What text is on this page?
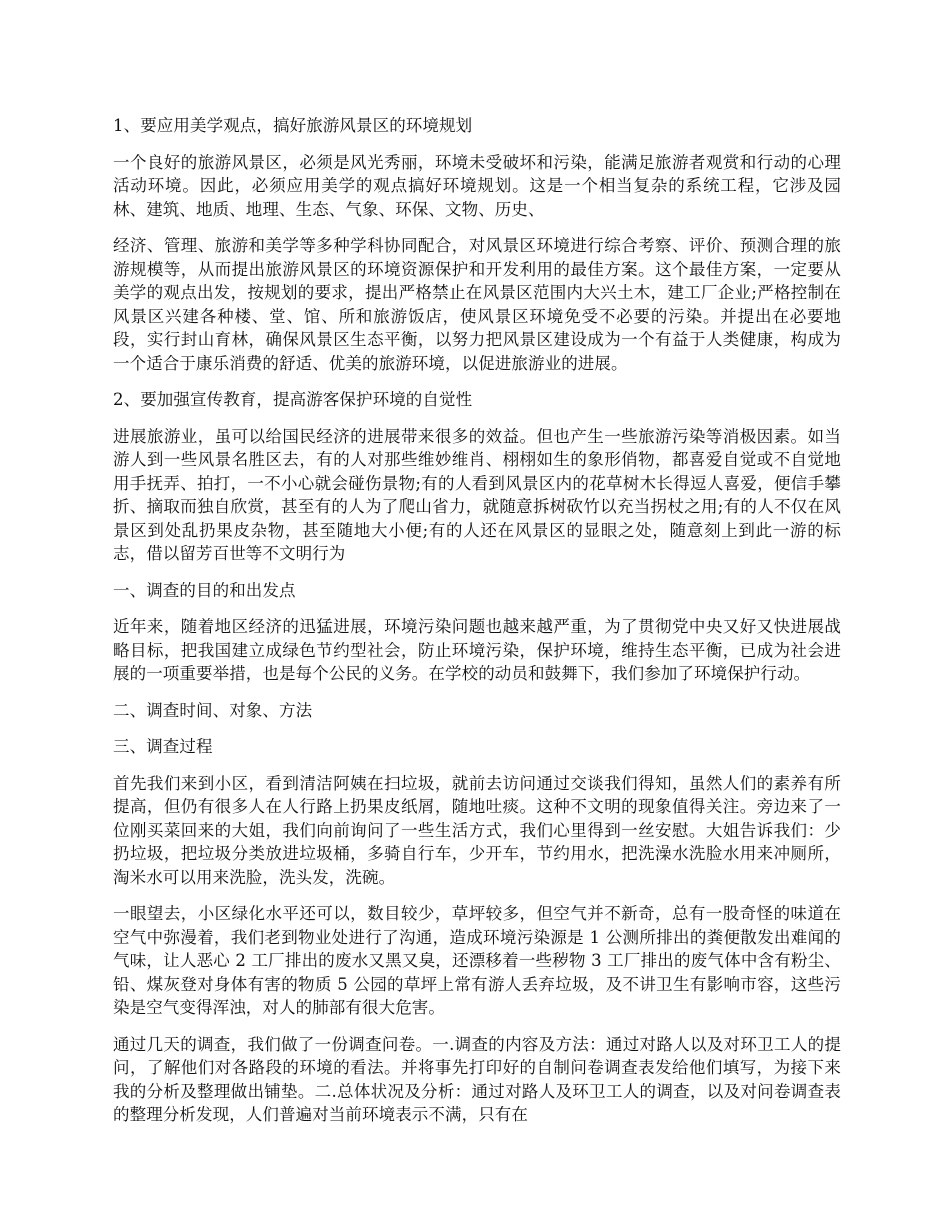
1、要应用美学观点，搞好旅游风景区的环境规划

一个良好的旅游风景区，必须是风光秀丽，环境未受破坏和污染，能满足旅游者观赏和行动的心理活动环境。因此，必须应用美学的观点搞好环境规划。这是一个相当复杂的系统工程，它涉及园林、建筑、地质、地理、生态、气象、环保、文物、历史、

经济、管理、旅游和美学等多种学科协同配合，对风景区环境进行综合考察、评价、预测合理的旅游规模等，从而提出旅游风景区的环境资源保护和开发利用的最佳方案。这个最佳方案，一定要从美学的观点出发，按规划的要求，提出严格禁止在风景区范围内大兴土木，建工厂企业;严格控制在风景区兴建各种楼、堂、馆、所和旅游饭店，使风景区环境免受不必要的污染。并提出在必要地段，实行封山育林，确保风景区生态平衡，以努力把风景区建设成为一个有益于人类健康，构成为一个适合于康乐消费的舒适、优美的旅游环境，以促进旅游业的进展。

2、要加强宣传教育，提高游客保护环境的自觉性

进展旅游业，虽可以给国民经济的进展带来很多的效益。但也产生一些旅游污染等消极因素。如当游人到一些风景名胜区去，有的人对那些维妙维肖、栩栩如生的象形俏物，都喜爱自觉或不自觉地用手抚弄、拍打，一不小心就会碰伤景物;有的人看到风景区内的花草树木长得逗人喜爱，便信手攀折、摘取而独自欣赏，甚至有的人为了爬山省力，就随意拆树砍竹以充当拐杖之用;有的人不仅在风景区到处乱扔果皮杂物，甚至随地大小便;有的人还在风景区的显眼之处，随意刻上到此一游的标志，借以留芳百世等不文明行为

一、调查的目的和出发点

近年来，随着地区经济的迅猛进展，环境污染问题也越来越严重，为了贯彻党中央又好又快进展战略目标，把我国建立成绿色节约型社会，防止环境污染，保护环境，维持生态平衡，已成为社会进展的一项重要举措，也是每个公民的义务。在学校的动员和鼓舞下，我们参加了环境保护行动。

二、调查时间、对象、方法

三、调查过程

首先我们来到小区，看到清洁阿姨在扫垃圾，就前去访问通过交谈我们得知，虽然人们的素养有所提高，但仍有很多人在人行路上扔果皮纸屑，随地吐痰。这种不文明的现象值得关注。旁边来了一位刚买菜回来的大姐，我们向前询问了一些生活方式，我们心里得到一丝安慰。大姐告诉我们：少扔垃圾，把垃圾分类放进垃圾桶，多骑自行车，少开车，节约用水，把洗澡水洗脸水用来冲厕所，淘米水可以用来洗脸，洗头发，洗碗。

一眼望去，小区绿化水平还可以，数目较少，草坪较多，但空气并不新奇，总有一股奇怪的味道在空气中弥漫着，我们老到物业处进行了沟通，造成环境污染源是 1 公测所排出的粪便散发出难闻的气味，让人恶心 2 工厂排出的废水又黑又臭，还漂移着一些秽物 3 工厂排出的废气体中含有粉尘、铅、煤灰登对身体有害的物质 5 公园的草坪上常有游人丢弃垃圾，及不讲卫生有影响市容，这些污染是空气变得浑浊，对人的肺部有很大危害。

通过几天的调查，我们做了一份调查问卷。一.调查的内容及方法：通过对路人以及对环卫工人的提问，了解他们对各路段的环境的看法。并将事先打印好的自制问卷调查表发给他们填写，为接下来我的分析及整理做出铺垫。二.总体状况及分析：通过对路人及环卫工人的调查，以及对问卷调查表的整理分析发现，人们普遍对当前环境表示不满，只有在
